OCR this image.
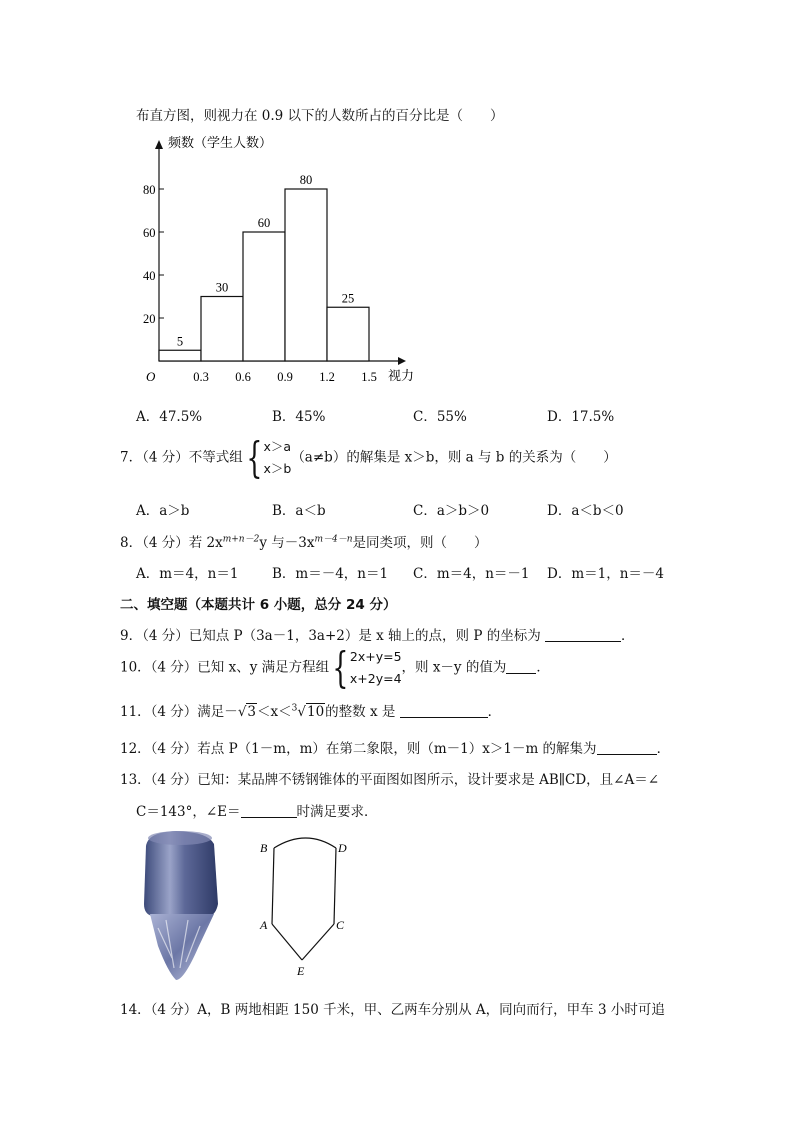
布直方图，则视力在 0.9 以下的人数所占的百分比是（　　）
频数（学生人数）
视力
O
20
40
60
80
5
30
60
80
25
0.3 0.6 0.9 1.2 1.5
A．47.5%	B．45%	C．55%	D．17.5%
7．（4 分）不等式组{x＞a
x＞b（a≠b）的解集是 x＞b，则 a 与 b 的关系为（　　）
A．a＞b	B．a＜b	C．a＞b＞0	D．a＜b＜0
8．（4 分）若 $2x^{m+n-2}y$ 与$-3x^{m-4-n}$是同类项，则（　　）
A．m＝4，n＝1 B．m＝－4，n＝1 C．m＝4，n＝－1 D．m＝1，n＝－4
二、填空题（本题共计 6 小题，总分 24 分）
9．（4 分）已知点 P（3a－1，3a+2）是 x 轴上的点，则 P 的坐标为	．
10．（4 分）已知 x、y 满足方程组{2x+y=5
x+2y=4，则 x－y 的值为 ．
11．（4 分）满足－√3＜x＜$^3$√10的整数 x 是	．
12．（4 分）若点 P（1－m，m）在第二象限，则（m－1）x＞1－m 的解集为	．
13．（4 分）已知：某品牌不锈钢锥体的平面图如图所示，设计要求是 AB∥CD，且∠A＝∠
C＝143°，∠E＝	时满足要求．
B	D
A	C
E
14．（4 分）A，B 两地相距 150 千米，甲、乙两车分别从 A，同向而行，甲车 3 小时可追
